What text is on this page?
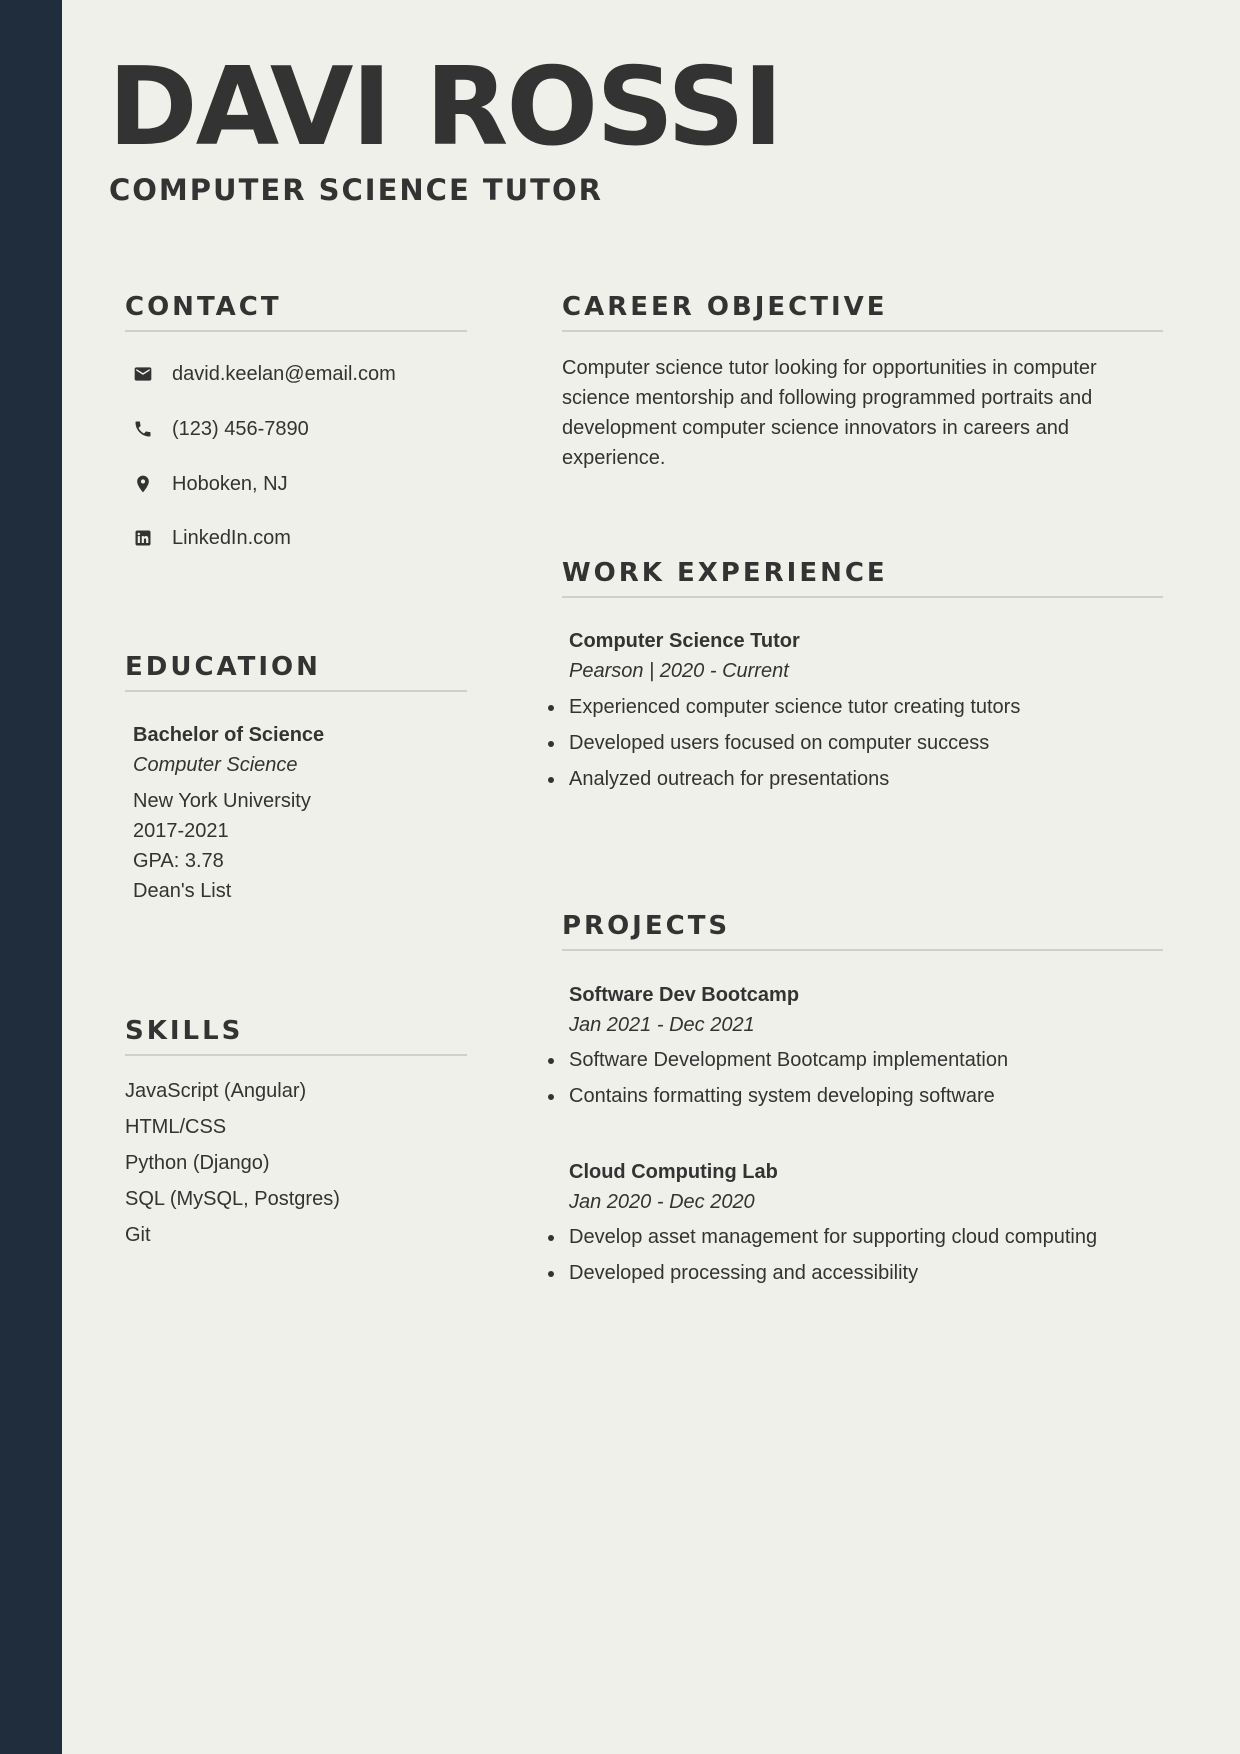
DAVI ROSSI
COMPUTER SCIENCE TUTOR
CONTACT
david.keelan@email.com
(123) 456-7890
Hoboken, NJ
LinkedIn.com
EDUCATION
Bachelor of Science
Computer Science
New York University
2017-2021
GPA: 3.78
Dean's List
SKILLS
JavaScript (Angular)
HTML/CSS
Python (Django)
SQL (MySQL, Postgres)
Git
CAREER OBJECTIVE

Computer science tutor looking for opportunities in computer science mentorship and following programmed portraits and development computer science innovators in careers and experience.

WORK EXPERIENCE
Computer Science Tutor
Pearson | 2020 - Current
Experienced computer science tutor creating tutors
Developed users focused on computer success
Analyzed outreach for presentations
PROJECTS
Software Dev Bootcamp
Jan 2021 - Dec 2021
Software Development Bootcamp implementation
Contains formatting system developing software
Cloud Computing Lab
Jan 2020 - Dec 2020
Develop asset management for supporting cloud computing
Developed processing and accessibility
